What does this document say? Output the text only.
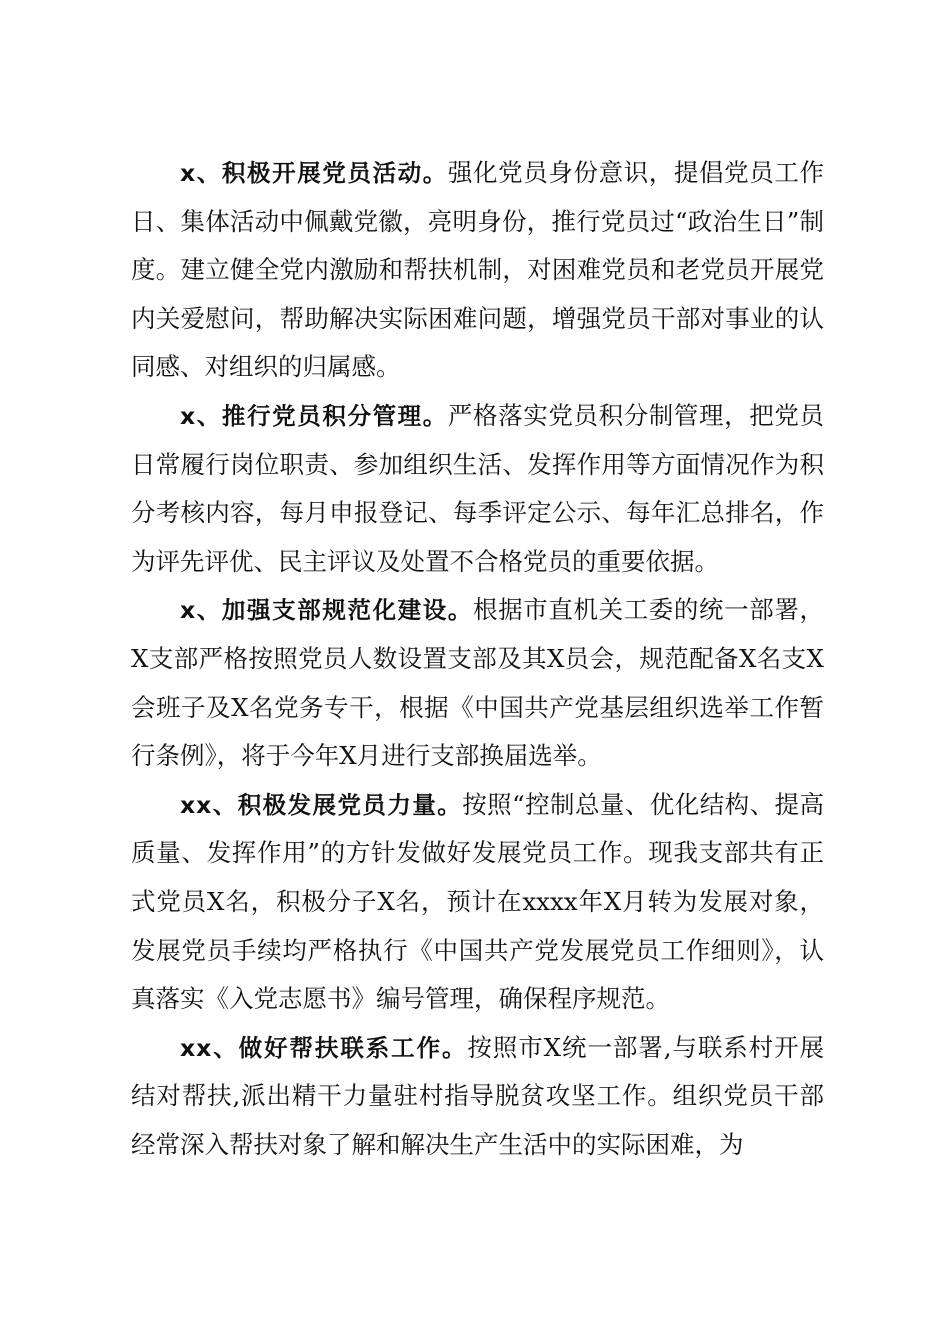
x、积极开展党员活动。强化党员身份意识，提倡党员工作日、集体活动中佩戴党徽，亮明身份，推行党员过“政治生日”制度。建立健全党内激励和帮扶机制，对困难党员和老党员开展党内关爱慰问，帮助解决实际困难问题，增强党员干部对事业的认同感、对组织的归属感。

x、推行党员积分管理。严格落实党员积分制管理，把党员日常履行岗位职责、参加组织生活、发挥作用等方面情况作为积分考核内容，每月申报登记、每季评定公示、每年汇总排名，作为评先评优、民主评议及处置不合格党员的重要依据。

x、加强支部规范化建设。根据市直机关工委的统一部署，X支部严格按照党员人数设置支部及其X员会，规范配备X名支X会班子及X名党务专干，根据《中国共产党基层组织选举工作暂行条例》，将于今年X月进行支部换届选举。

xx、积极发展党员力量。按照“控制总量、优化结构、提高质量、发挥作用”的方针发做好发展党员工作。现我支部共有正式党员X名，积极分子X名，预计在xxxx年X月转为发展对象，发展党员手续均严格执行《中国共产党发展党员工作细则》，认真落实《入党志愿书》编号管理，确保程序规范。

xx、做好帮扶联系工作。按照市X统一部署,与联系村开展结对帮扶,派出精干力量驻村指导脱贫攻坚工作。组织党员干部经常深入帮扶对象了解和解决生产生活中的实际困难，为
